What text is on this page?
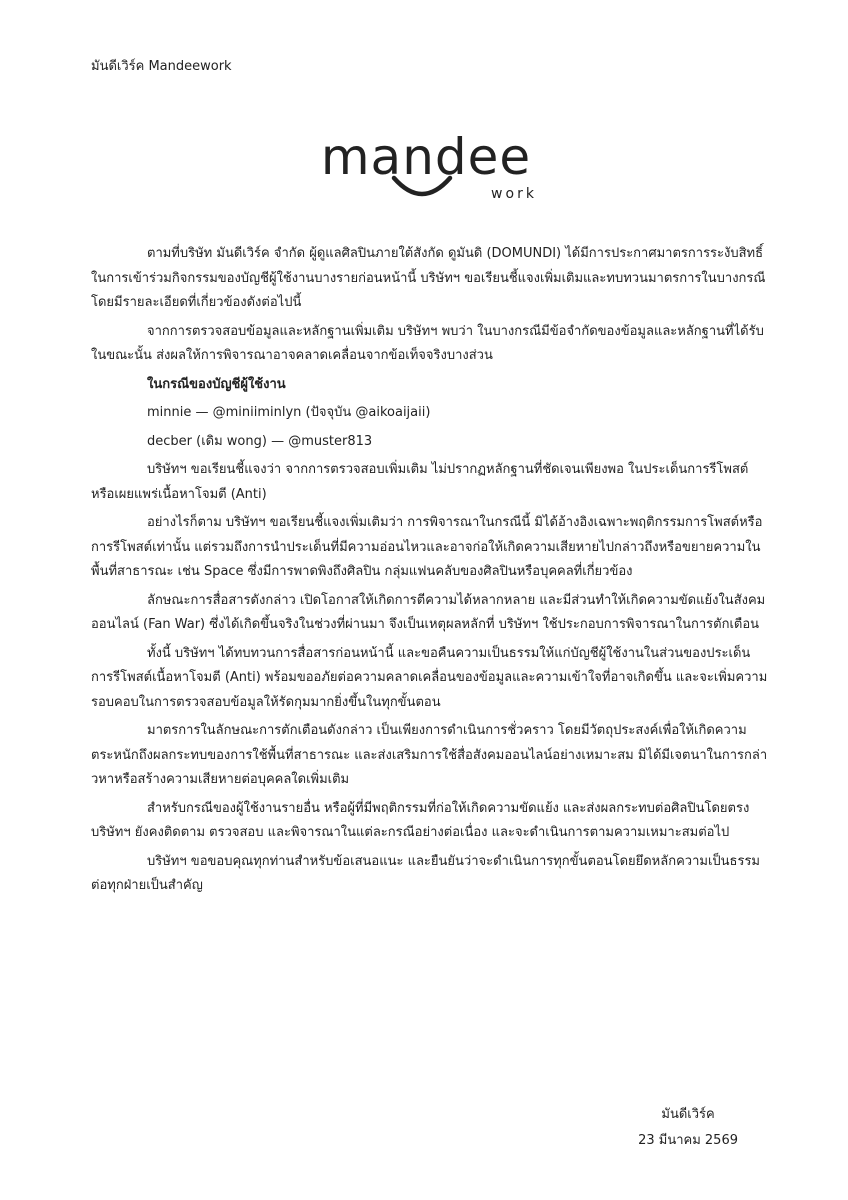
มันดีเวิร์ค Mandeework
mandee
work

ตามที่บริษัท มันดีเวิร์ค จำกัด ผู้ดูแลศิลปินภายใต้สังกัด ดูมันดิ (DOMUNDI) ได้มีการประกาศมาตรการระงับสิทธิ์ในการเข้าร่วมกิจกรรมของบัญชีผู้ใช้งานบางรายก่อนหน้านี้ บริษัทฯ ขอเรียนชี้แจงเพิ่มเติมและทบทวนมาตรการในบางกรณี โดยมีรายละเอียดที่เกี่ยวข้องดังต่อไปนี้

จากการตรวจสอบข้อมูลและหลักฐานเพิ่มเติม บริษัทฯ พบว่า ในบางกรณีมีข้อจำกัดของข้อมูลและหลักฐานที่ได้รับในขณะนั้น ส่งผลให้การพิจารณาอาจคลาดเคลื่อนจากข้อเท็จจริงบางส่วน

ในกรณีของบัญชีผู้ใช้งาน

minnie — @miniiminlyn (ปัจจุบัน @aikoaijaii)

decber (เดิม wong) — @muster813

บริษัทฯ ขอเรียนชี้แจงว่า จากการตรวจสอบเพิ่มเติม ไม่ปรากฏหลักฐานที่ชัดเจนเพียงพอ ในประเด็นการรีโพสต์หรือเผยแพร่เนื้อหาโจมตี (Anti)

อย่างไรก็ตาม บริษัทฯ ขอเรียนชี้แจงเพิ่มเติมว่า การพิจารณาในกรณีนี้ มิได้อ้างอิงเฉพาะพฤติกรรมการโพสต์หรือการรีโพสต์เท่านั้น แต่รวมถึงการนำประเด็นที่มีความอ่อนไหวและอาจก่อให้เกิดความเสียหายไปกล่าวถึงหรือขยายความในพื้นที่สาธารณะ เช่น Space ซึ่งมีการพาดพิงถึงศิลปิน กลุ่มแฟนคลับของศิลปินหรือบุคคลที่เกี่ยวข้อง

ลักษณะการสื่อสารดังกล่าว เปิดโอกาสให้เกิดการตีความได้หลากหลาย และมีส่วนทำให้เกิดความขัดแย้งในสังคมออนไลน์ (Fan War) ซึ่งได้เกิดขึ้นจริงในช่วงที่ผ่านมา จึงเป็นเหตุผลหลักที่ บริษัทฯ ใช้ประกอบการพิจารณาในการตักเตือน

ทั้งนี้ บริษัทฯ ได้ทบทวนการสื่อสารก่อนหน้านี้ และขอคืนความเป็นธรรมให้แก่บัญชีผู้ใช้งานในส่วนของประเด็นการรีโพสต์เนื้อหาโจมตี (Anti) พร้อมขออภัยต่อความคลาดเคลื่อนของข้อมูลและความเข้าใจที่อาจเกิดขึ้น และจะเพิ่มความรอบคอบในการตรวจสอบข้อมูลให้รัดกุมมากยิ่งขึ้นในทุกขั้นตอน

มาตรการในลักษณะการตักเตือนดังกล่าว เป็นเพียงการดำเนินการชั่วคราว โดยมีวัตถุประสงค์เพื่อให้เกิดความตระหนักถึงผลกระทบของการใช้พื้นที่สาธารณะ และส่งเสริมการใช้สื่อสังคมออนไลน์อย่างเหมาะสม มิได้มีเจตนาในการกล่าวหาหรือสร้างความเสียหายต่อบุคคลใดเพิ่มเติม

สำหรับกรณีของผู้ใช้งานรายอื่น หรือผู้ที่มีพฤติกรรมที่ก่อให้เกิดความขัดแย้ง และส่งผลกระทบต่อศิลปินโดยตรง บริษัทฯ ยังคงติดตาม ตรวจสอบ และพิจารณาในแต่ละกรณีอย่างต่อเนื่อง และจะดำเนินการตามความเหมาะสมต่อไป

บริษัทฯ ขอขอบคุณทุกท่านสำหรับข้อเสนอแนะ และยืนยันว่าจะดำเนินการทุกขั้นตอนโดยยึดหลักความเป็นธรรมต่อทุกฝ่ายเป็นสำคัญ

มันดีเวิร์ค
23 มีนาคม 2569
